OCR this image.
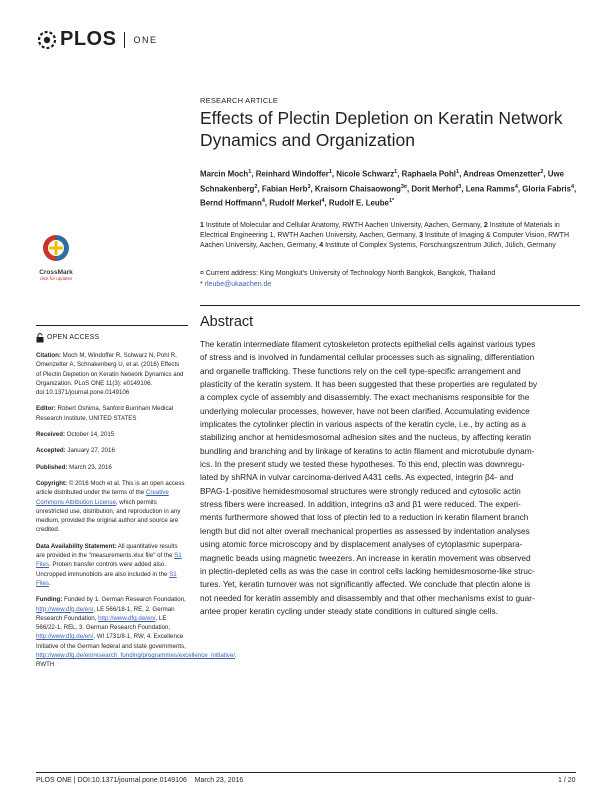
PLOS ONE
RESEARCH ARTICLE
Effects of Plectin Depletion on Keratin Network Dynamics and Organization

Marcin Moch$^1$, Reinhard Windoffer$^1$, Nicole Schwarz$^1$, Raphaela Pohl$^1$, Andreas Omenzetter$^2$, Uwe Schnakenberg$^2$, Fabian Herb$^3$, Kraisorn Chaisaowong$^{3¤}$, Dorit Merhof$^3$, Lena Ramms$^4$, Gloria Fabris$^4$, Bernd Hoffmann$^4$, Rudolf Merkel$^4$, Rudolf E. Leube$^{1*}$

1 Institute of Molecular and Cellular Anatomy, RWTH Aachen University, Aachen, Germany, 2 Institute of Materials in Electrical Engineering 1, RWTH Aachen University, Aachen, Germany, 3 Institute of Imaging & Computer Vision, RWTH Aachen University, Aachen, Germany, 4 Institute of Complex Systems, Forschungszentrum Jülich, Jülich, Germany

¤ Current address: King Mongkut's University of Technology North Bangkok, Bangkok, Thailand
* rleube@ukaachen.de
CrossMark
click for updates
OPEN ACCESS

Citation: Moch M, Windoffer R, Schwarz N, Pohl R, Omenzetter A, Schnakenberg U, et al. (2016) Effects of Plectin Depletion on Keratin Network Dynamics and Organization. PLoS ONE 11(3): e0149106. doi:10.1371/journal.pone.0149106

Editor: Robert Oshima, Sanford Burnham Medical Research Institute, UNITED STATES

Received: October 14, 2015

Accepted: January 27, 2016

Published: March 23, 2016

Copyright: © 2016 Moch et al. This is an open access article distributed under the terms of the Creative Commons Attribution License, which permits unrestricted use, distribution, and reproduction in any medium, provided the original author and source are credited.

Data Availability Statement: All quantitative results are provided in the "measurements.xlsx file" of the S1 Files. Protein transfer controls were added also. Uncropped immunoblots are also included in the S1 Files.

Funding: Funded by 1. German Research Foundation, http://www.dfg.de/en/, LE 566/18-1, RE, 2. German Research Foundation, http://www.dfg.de/en/, LE 566/22-1, REL, 3. German Research Foundation, http://www.dfg.de/en/, WI 1731/8-1, RW, 4. Excellence Initiative of the German federal and state governments, http://www.dfg.de/en/research_funding/programmes/excellence_initiative/, RWTH

Abstract

The keratin intermediate filament cytoskeleton protects epithelial cells against various types
of stress and is involved in fundamental cellular processes such as signaling, differentiation
and organelle trafficking. These functions rely on the cell type-specific arrangement and
plasticity of the keratin system. It has been suggested that these properties are regulated by
a complex cycle of assembly and disassembly. The exact mechanisms responsible for the
underlying molecular processes, however, have not been clarified. Accumulating evidence
implicates the cytolinker plectin in various aspects of the keratin cycle, i.e., by acting as a
stabilizing anchor at hemidesmosomal adhesion sites and the nucleus, by affecting keratin
bundling and branching and by linkage of keratins to actin filament and microtubule dynam-
ics. In the present study we tested these hypotheses. To this end, plectin was downregu-
lated by shRNA in vulvar carcinoma-derived A431 cells. As expected, integrin β4- and
BPAG-1-positive hemidesmosomal structures were strongly reduced and cytosolic actin
stress fibers were increased. In addition, integrins α3 and β1 were reduced. The experi-
ments furthermore showed that loss of plectin led to a reduction in keratin filament branch
length but did not alter overall mechanical properties as assessed by indentation analyses
using atomic force microscopy and by displacement analyses of cytoplasmic superpara-
magnetic beads using magnetic tweezers. An increase in keratin movement was observed
in plectin-depleted cells as was the case in control cells lacking hemidesmosome-like struc-
tures. Yet, keratin turnover was not significantly affected. We conclude that plectin alone is
not needed for keratin assembly and disassembly and that other mechanisms exist to guar-
antee proper keratin cycling under steady state conditions in cultured single cells.

PLOS ONE | DOI:10.1371/journal.pone.0149106    March 23, 2016	1 / 20
